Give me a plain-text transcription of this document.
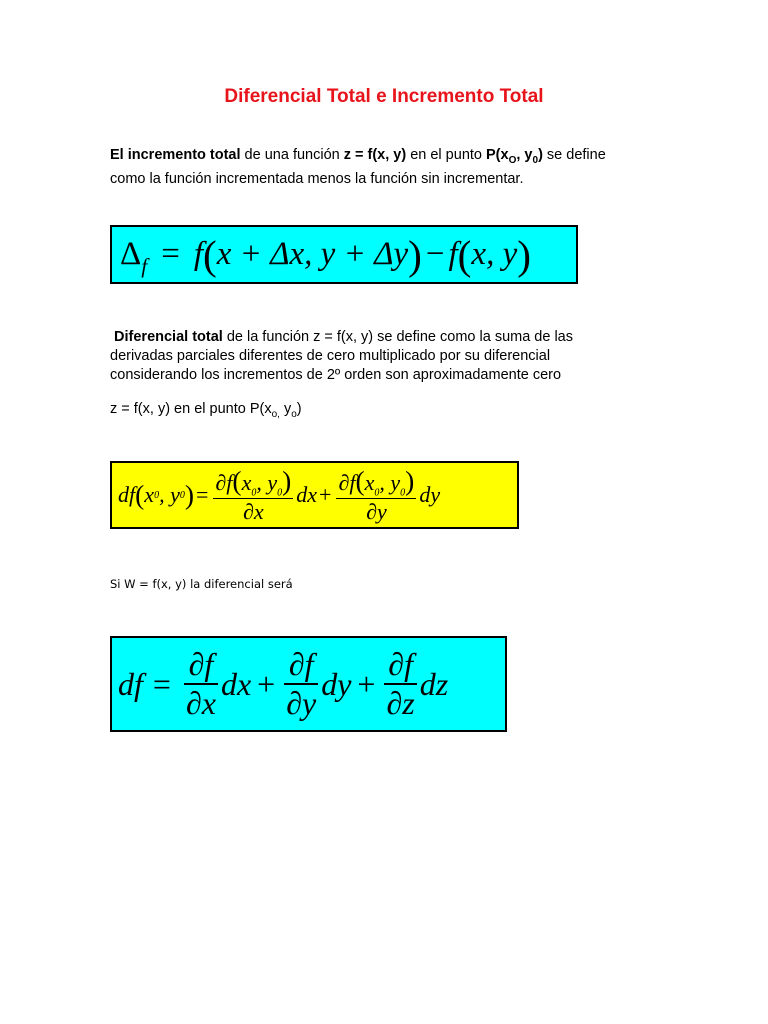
Diferencial Total e Incremento Total
El incremento total de una función z = f(x, y) en el punto $P(x_O$, $y_0$) se define
como la función incrementada menos la función sin incrementar.
Δ f = f ( x + Δx, y + Δy ) − f ( x, y )
Diferencial total de la función z = f(x, y) se define como la suma de las
derivadas parciales diferentes de cero multiplicado por su diferencial
considerando los incrementos de 2º orden son aproximadamente cero
z = f(x, y) en el punto $P(x_{o,}$ $y_o$)
df ( x 0 , y 0 ) = $\frac{\partial f(x_0, y_0)}{\partial x}$ dx + $\frac{\partial f(x_0, y_0)}{\partial y}$ dy
Si W = f(x, y) la diferencial será
df = $\frac{\partial f}{\partial x}$ dx + $\frac{\partial f}{\partial y}$ dy + $\frac{\partial f}{\partial z}$ dz
